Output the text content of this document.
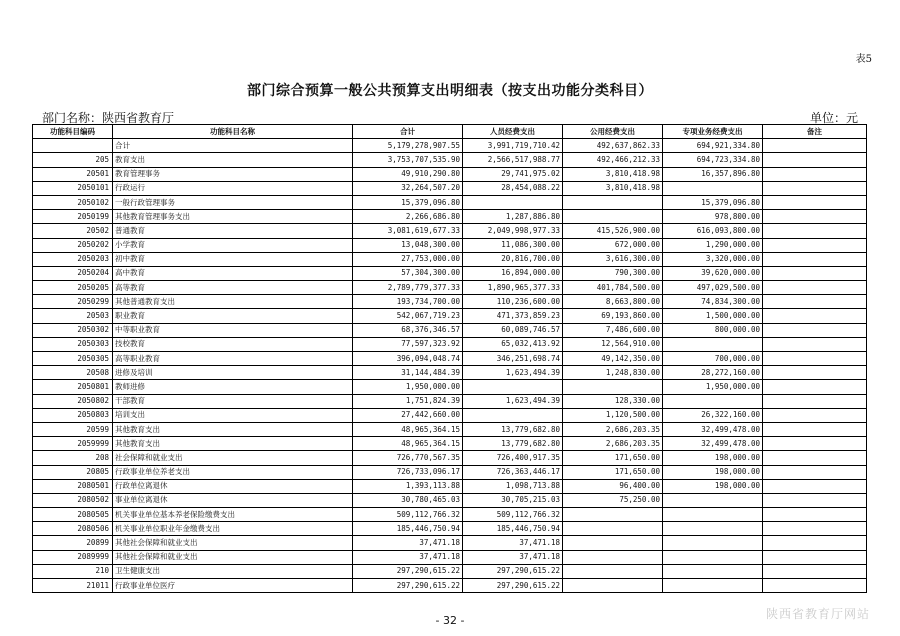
表5
部门综合预算一般公共预算支出明细表（按支出功能分类科目）
部门名称：陕西省教育厅	单位：元
功能科目编码	功能科目名称	合计	人员经费支出	公用经费支出	专项业务经费支出	备注
	合计	5,179,278,907.55	3,991,719,710.42	492,637,862.33	694,921,334.80	
205	教育支出	3,753,707,535.90	2,566,517,988.77	492,466,212.33	694,723,334.80	
20501	教育管理事务	49,910,290.80	29,741,975.02	3,810,418.98	16,357,896.80	
2050101	行政运行	32,264,507.20	28,454,088.22	3,810,418.98		
2050102	一般行政管理事务	15,379,096.80			15,379,096.80	
2050199	其他教育管理事务支出	2,266,686.80	1,287,886.80		978,800.00	
20502	普通教育	3,081,619,677.33	2,049,998,977.33	415,526,900.00	616,093,800.00	
2050202	小学教育	13,048,300.00	11,086,300.00	672,000.00	1,290,000.00	
2050203	初中教育	27,753,000.00	20,816,700.00	3,616,300.00	3,320,000.00	
2050204	高中教育	57,304,300.00	16,894,000.00	790,300.00	39,620,000.00	
2050205	高等教育	2,789,779,377.33	1,890,965,377.33	401,784,500.00	497,029,500.00	
2050299	其他普通教育支出	193,734,700.00	110,236,600.00	8,663,800.00	74,834,300.00	
20503	职业教育	542,067,719.23	471,373,859.23	69,193,860.00	1,500,000.00	
2050302	中等职业教育	68,376,346.57	60,089,746.57	7,486,600.00	800,000.00	
2050303	技校教育	77,597,323.92	65,032,413.92	12,564,910.00		
2050305	高等职业教育	396,094,048.74	346,251,698.74	49,142,350.00	700,000.00	
20508	进修及培训	31,144,484.39	1,623,494.39	1,248,830.00	28,272,160.00	
2050801	教师进修	1,950,000.00			1,950,000.00	
2050802	干部教育	1,751,824.39	1,623,494.39	128,330.00		
2050803	培训支出	27,442,660.00		1,120,500.00	26,322,160.00	
20599	其他教育支出	48,965,364.15	13,779,682.80	2,686,203.35	32,499,478.00	
2059999	其他教育支出	48,965,364.15	13,779,682.80	2,686,203.35	32,499,478.00	
208	社会保障和就业支出	726,770,567.35	726,400,917.35	171,650.00	198,000.00	
20805	行政事业单位养老支出	726,733,096.17	726,363,446.17	171,650.00	198,000.00	
2080501	行政单位离退休	1,393,113.88	1,098,713.88	96,400.00	198,000.00	
2080502	事业单位离退休	30,780,465.03	30,705,215.03	75,250.00		
2080505	机关事业单位基本养老保险缴费支出	509,112,766.32	509,112,766.32			
2080506	机关事业单位职业年金缴费支出	185,446,750.94	185,446,750.94			
20899	其他社会保障和就业支出	37,471.18	37,471.18			
2089999	其他社会保障和就业支出	37,471.18	37,471.18			
210	卫生健康支出	297,290,615.22	297,290,615.22			
21011	行政事业单位医疗	297,290,615.22	297,290,615.22			
- 32 -	陕西省教育厅网站
